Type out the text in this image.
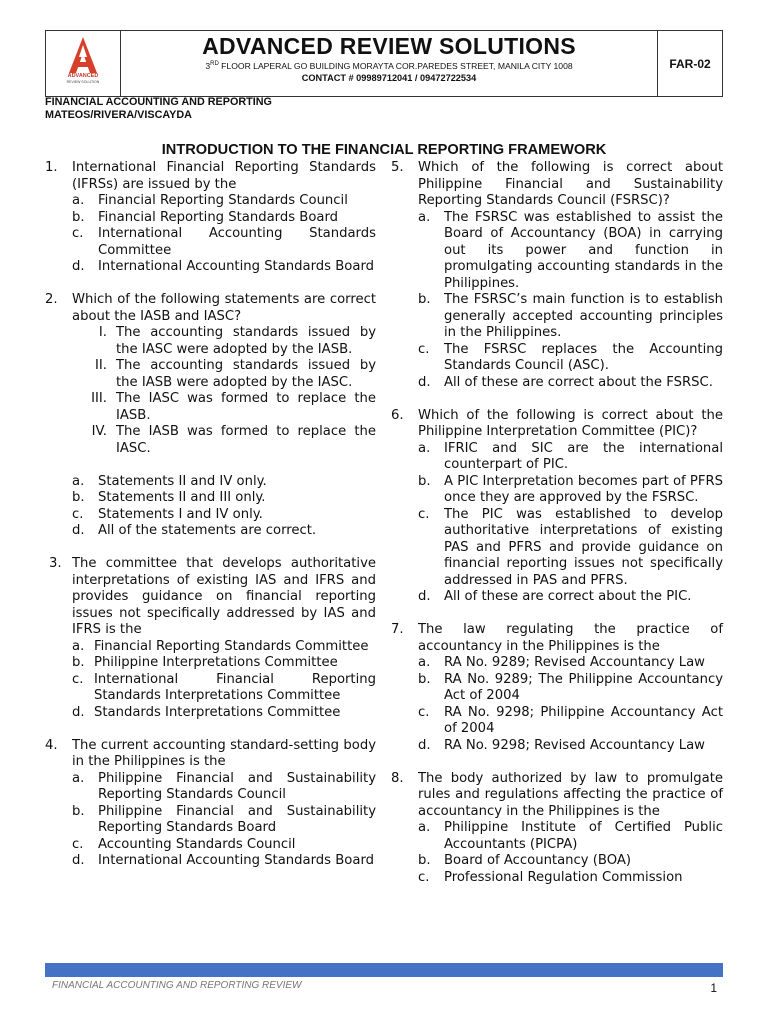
ADVANCED
REVIEW SOLUTION
ADVANCED REVIEW SOLUTIONS
3RD FLOOR LAPERAL GO BUILDING MORAYTA COR.PAREDES STREET, MANILA CITY 1008
CONTACT # 09989712041 / 09472722534
FAR-02
FINANCIAL ACCOUNTING AND REPORTING
MATEOS/RIVERA/VISCAYDA
INTRODUCTION TO THE FINANCIAL REPORTING FRAMEWORK
1.	International Financial Reporting Standards (IFRSs) are issued by the
a.	Financial Reporting Standards Council
b.	Financial Reporting Standards Board
c.	International Accounting Standards Committee
d.	International Accounting Standards Board
2.	Which of the following statements are correct about the IASB and IASC?
I. The accounting standards issued by the IASC were adopted by the IASB.
II. The accounting standards issued by the IASB were adopted by the IASC.
III. The IASC was formed to replace the IASB.
IV. The IASB was formed to replace the IASC.
a.	Statements II and IV only.
b.	Statements II and III only.
c.	Statements I and IV only.
d.	All of the statements are correct.
3. The committee that develops authoritative interpretations of existing IAS and IFRS and provides guidance on financial reporting issues not specifically addressed by IAS and IFRS is the
a. Financial Reporting Standards Committee
b. Philippine Interpretations Committee
c. International Financial Reporting Standards Interpretations Committee
d. Standards Interpretations Committee
4.	The current accounting standard-setting body in the Philippines is the
a.	Philippine Financial and Sustainability Reporting Standards Council
b.	Philippine Financial and Sustainability Reporting Standards Board
c.	Accounting Standards Council
d.	International Accounting Standards Board
5.	Which of the following is correct about Philippine Financial and Sustainability Reporting Standards Council (FSRSC)?
a.	The FSRSC was established to assist the Board of Accountancy (BOA) in carrying out its power and function in promulgating accounting standards in the Philippines.
b.	The FSRSC’s main function is to establish generally accepted accounting principles in the Philippines.
c.	The FSRSC replaces the Accounting Standards Council (ASC).
d.	All of these are correct about the FSRSC.
6.	Which of the following is correct about the Philippine Interpretation Committee (PIC)?
a.	IFRIC and SIC are the international counterpart of PIC.
b.	A PIC Interpretation becomes part of PFRS once they are approved by the FSRSC.
c.	The PIC was established to develop authoritative interpretations of existing PAS and PFRS and provide guidance on financial reporting issues not specifically addressed in PAS and PFRS.
d.	All of these are correct about the PIC.
7.	The law regulating the practice of accountancy in the Philippines is the
a.	RA No. 9289; Revised Accountancy Law
b.	RA No. 9289; The Philippine Accountancy Act of 2004
c.	RA No. 9298; Philippine Accountancy Act of 2004
d.	RA No. 9298; Revised Accountancy Law
8.	The body authorized by law to promulgate rules and regulations affecting the practice of accountancy in the Philippines is the
a.	Philippine Institute of Certified Public Accountants (PICPA)
b.	Board of Accountancy (BOA)
c.	Professional Regulation Commission
FINANCIAL ACCOUNTING AND REPORTING REVIEW	1
